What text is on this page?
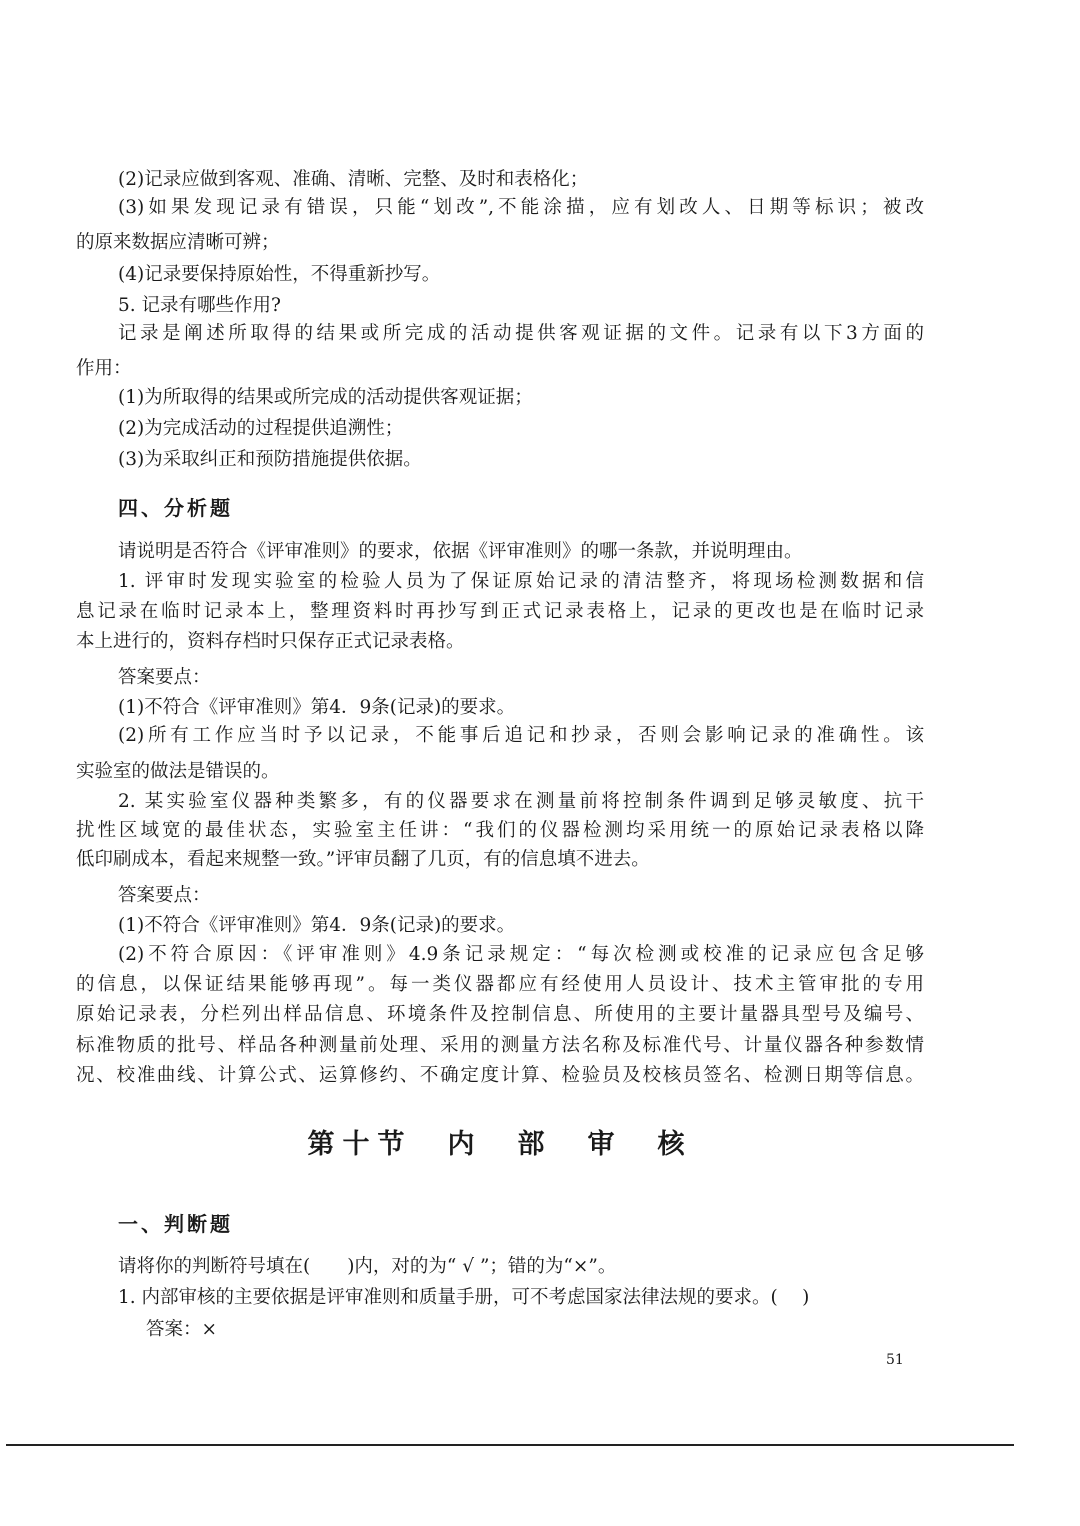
(2)记录应做到客观、准确、清晰、完整、及时和表格化；
(3)如果发现记录有错误，只能“划改”,不能涂描，应有划改人、日期等标识；被改
的原来数据应清晰可辨；
(4)记录要保持原始性，不得重新抄写。
5. 记录有哪些作用?
记录是阐述所取得的结果或所完成的活动提供客观证据的文件。记录有以下3方面的
作用：
(1)为所取得的结果或所完成的活动提供客观证据；
(2)为完成活动的过程提供追溯性；
(3)为采取纠正和预防措施提供依据。
四、分析题
请说明是否符合《评审准则》的要求，依据《评审准则》的哪一条款，并说明理由。
1. 评审时发现实验室的检验人员为了保证原始记录的清洁整齐，将现场检测数据和信
息记录在临时记录本上，整理资料时再抄写到正式记录表格上，记录的更改也是在临时记录
本上进行的，资料存档时只保存正式记录表格。
答案要点：
(1)不符合《评审准则》第4．9条(记录)的要求。
(2)所有工作应当时予以记录，不能事后追记和抄录，否则会影响记录的准确性。该
实验室的做法是错误的。
2. 某实验室仪器种类繁多，有的仪器要求在测量前将控制条件调到足够灵敏度、抗干
扰性区域宽的最佳状态，实验室主任讲：“我们的仪器检测均采用统一的原始记录表格以降
低印刷成本，看起来规整一致。”评审员翻了几页，有的信息填不进去。
答案要点：
(1)不符合《评审准则》第4．9条(记录)的要求。
(2)不符合原因：《评审准则》4.9条记录规定：“每次检测或校准的记录应包含足够
的信息，以保证结果能够再现”。每一类仪器都应有经使用人员设计、技术主管审批的专用
原始记录表，分栏列出样品信息、环境条件及控制信息、所使用的主要计量器具型号及编号、
标准物质的批号、样品各种测量前处理、采用的测量方法名称及标准代号、计量仪器各种参数情
况、校准曲线、计算公式、运算修约、不确定度计算、检验员及校核员签名、检测日期等信息。
第十节　内　部　审　核
一、判断题
请将你的判断符号填在(　　)内，对的为“ √ ”；错的为“×”。
1. 内部审核的主要依据是评审准则和质量手册，可不考虑国家法律法规的要求。(　 )
答案：×
51
